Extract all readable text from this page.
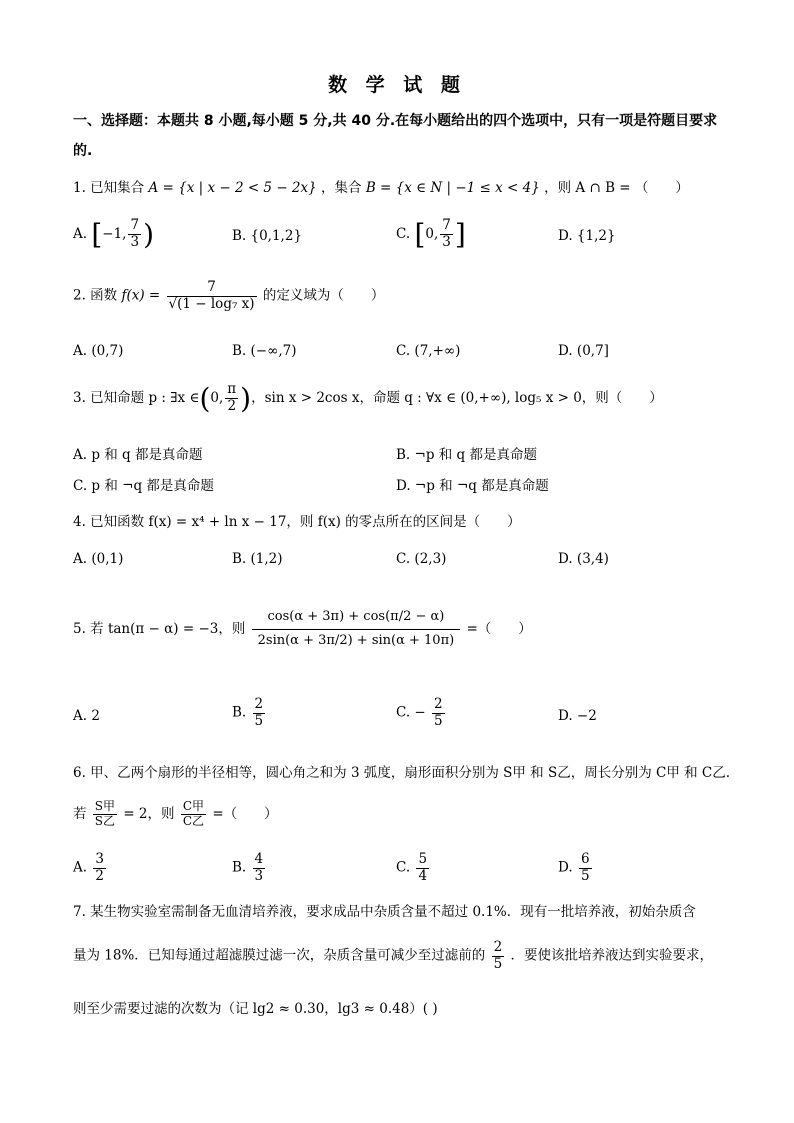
数 学 试 题
一、选择题：本题共 8 小题,每小题 5 分,共 40 分.在每小题给出的四个选项中，只有一项是符题目要求的.
1. 已知集合 A = {x | x − 2 < 5 − 2x} ，集合 B = {x ∈ N | −1 ≤ x < 4} ，则 A ∩ B = （　　）
A. [−1, $\frac{7}{3}$ )	B. {0,1,2}	C. [0, $\frac{7}{3}$ ]	D. {1,2}
2. 函数 $f(x) = \frac{7}{\text{√(1 − log₇ x)}}$ 的定义域为（　　）
A. (0,7)	B. (−∞,7)	C. (7,+∞)	D. (0,7]
3. 已知命题 p : ∃x ∈(0, $\frac{\pi}{2}$ )，sin x > 2cos x，命题 q : ∀x ∈ (0,+∞), log₅ x > 0，则（　　）
A. p 和 q 都是真命题	B. ¬p 和 q 都是真命题
C. p 和 ¬q 都是真命题	D. ¬p 和 ¬q 都是真命题
4. 已知函数 f(x) = x⁴ + ln x − 17，则 f(x) 的零点所在的区间是（　　）
A. (0,1)	B. (1,2)	C. (2,3)	D. (3,4)
5. 若 tan(π − α) = −3，则 $\frac{\cos(\alpha + 3\pi) + \cos(\pi/2 - \alpha)}{2\sin(\alpha + 3\pi/2) + \sin(\alpha + 10\pi)}$ =（　　）
A. 2	B. $\frac{2}{5}$	C. − $\frac{2}{5}$	D. −2
6. 甲、乙两个扇形的半径相等，圆心角之和为 3 弧度，扇形面积分别为 S甲 和 S乙，周长分别为 C甲 和 C乙.
若 $\frac{\text{S甲}}{\text{S乙}} = 2$，则 $\frac{\text{C甲}}{\text{C乙}}$ =（　　）
A. $\frac{3}{2}$	B. $\frac{4}{3}$	C. $\frac{5}{4}$	D. $\frac{6}{5}$
7. 某生物实验室需制备无血清培养液，要求成品中杂质含量不超过 0.1%．现有一批培养液，初始杂质含
量为 18%．已知每通过超滤膜过滤一次，杂质含量可减少至过滤前的 $\frac{2}{5}$ ．要使该批培养液达到实验要求，
则至少需要过滤的次数为（记 lg2 ≈ 0.30，lg3 ≈ 0.48）( )
